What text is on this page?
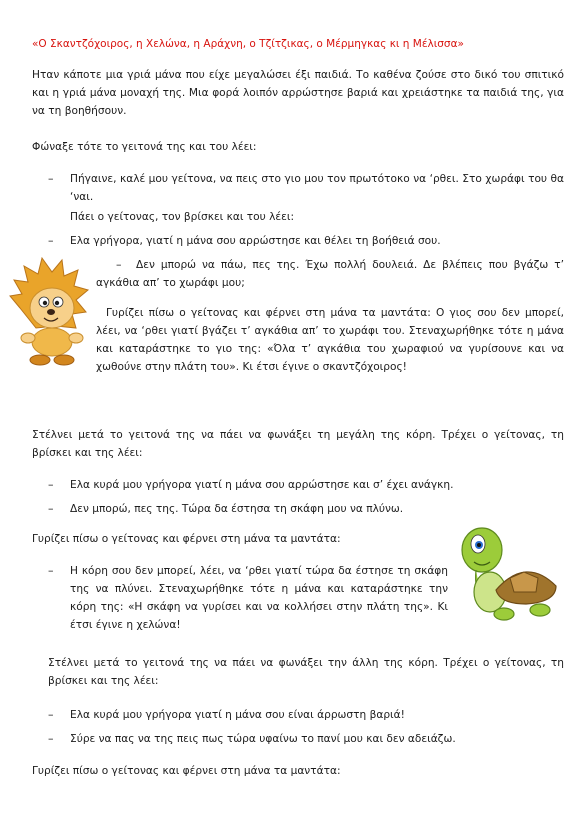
«Ο Σκαντζόχοιρος, η Χελώνα, η Αράχνη, ο Τζίτζικας, ο Μέρμηγκας κι η Μέλισσα»
Ηταν κάποτε μια γριά μάνα που είχε μεγαλώσει έξι παιδιά. Το καθένα ζούσε στο δικό του σπιτικό και η γριά μάνα μοναχή της. Μια φορά λοιπόν αρρώστησε βαριά και χρειάστηκε τα παιδιά της, για να τη βοηθήσουν.
Φώναξε τότε το γειτονά της και του λέει:
– Πήγαινε, καλέ μου γείτονα, να πεις στο γιο μου τον πρωτότοκο να ‘ρθει. Στο χωράφι του θα ‘ναι.
Πάει ο γείτονας, τον βρίσκει και του λέει:
– Ελα γρήγορα, γιατί η μάνα σου αρρώστησε και θέλει τη βοήθειά σου.
–	Δεν μπορώ να πάω, πες της. Έχω πολλή δουλειά. Δε βλέπεις που βγάζω τ’ αγκάθια απ’ το χωράφι μου;
Γυρίζει πίσω ο γείτονας και φέρνει στη μάνα τα μαντάτα: Ο γιος σου δεν μπορεί, λέει, να ‘ρθει γιατί βγάζει τ’ αγκάθια απ’ το χωράφι του. Στεναχωρήθηκε τότε η μάνα και καταράστηκε το γιο της: «Όλα τ’ αγκάθια του χωραφιού να γυρίσουνε και να χωθούνε στην πλάτη του». Κι έτσι έγινε ο σκαντζόχοιρος!
Στέλνει μετά το γειτονά της να πάει να φωνάξει τη μεγάλη της κόρη. Τρέχει ο γείτονας, τη βρίσκει και της λέει:
– Ελα κυρά μου γρήγορα γιατί η μάνα σου αρρώστησε και σ’ έχει ανάγκη.
– Δεν μπορώ, πες της. Τώρα δα έστησα τη σκάφη μου να πλύνω.
Γυρίζει πίσω ο γείτονας και φέρνει στη μάνα τα μαντάτα:
– Η κόρη σου δεν μπορεί, λέει, να ‘ρθει γιατί τώρα δα έστησε τη σκάφη της να πλύνει. Στεναχωρήθηκε τότε η μάνα και καταράστηκε την κόρη της: «Η σκάφη να γυρίσει και να κολλήσει στην πλάτη της». Κι έτσι έγινε η χελώνα!
Στέλνει μετά το γειτονά της να πάει να φωνάξει την άλλη της κόρη. Τρέχει ο γείτονας, τη βρίσκει και της λέει:
– Ελα κυρά μου γρήγορα γιατί η μάνα σου είναι άρρωστη βαριά!
– Σύρε να πας να της πεις πως τώρα υφαίνω το πανί μου και δεν αδειάζω.
Γυρίζει πίσω ο γείτονας και φέρνει στη μάνα τα μαντάτα:
